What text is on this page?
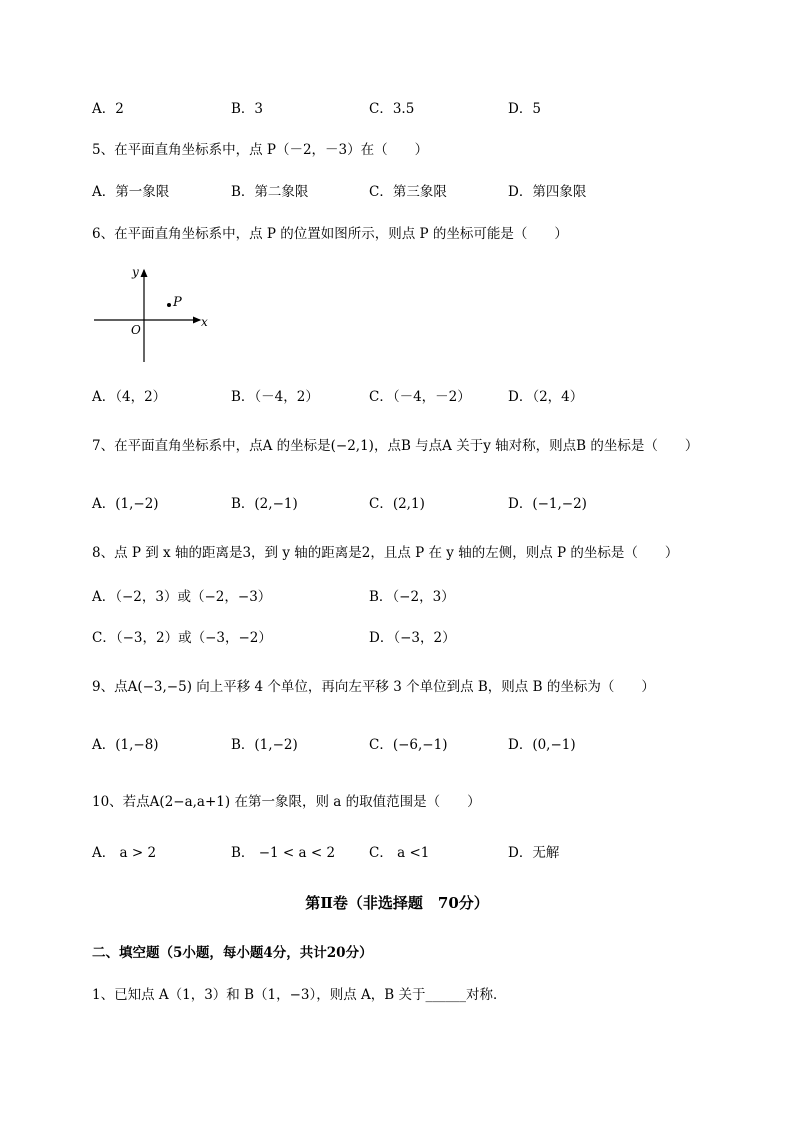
A．2	B．3	C．3.5	D．5
5、在平面直角坐标系中，点 P（－2，－3）在（　　）
A．第一象限	B．第二象限	C．第三象限	D．第四象限
6、在平面直角坐标系中，点 P 的位置如图所示，则点 P 的坐标可能是（　　）
y
x
O
P
A．（4，2）	B．（－4，2）	C．（－4，－2）	D．（2，4）
7、在平面直角坐标系中，点A 的坐标是(−2,1)，点B 与点A 关于y 轴对称，则点B 的坐标是（　　）
A．(1,−2)	B．(2,−1)	C．(2,1)	D．(−1,−2)
8、点 P 到 x 轴的距离是3，到 y 轴的距离是2，且点 P 在 y 轴的左侧，则点 P 的坐标是（　　）
A．（−2，3）或（−2，−3）	B．（−2，3）
C．（−3，2）或（−3，−2）	D．（−3，2）
9、点A(−3,−5) 向上平移 4 个单位，再向左平移 3 个单位到点 B，则点 B 的坐标为（　　）
A．(1,−8)	B．(1,−2)	C．(−6,−1)	D．(0,−1)
10、若点A(2−a,a+1) 在第一象限，则 a 的取值范围是（　　）
A． a > 2	B． −1 < a < 2	C． a <1	D．无解
第Ⅱ卷（非选择题　70分）
二、填空题（5小题，每小题4分，共计20分）
1、已知点 A（1，3）和 B（1，−3），则点 A，B 关于______对称．
